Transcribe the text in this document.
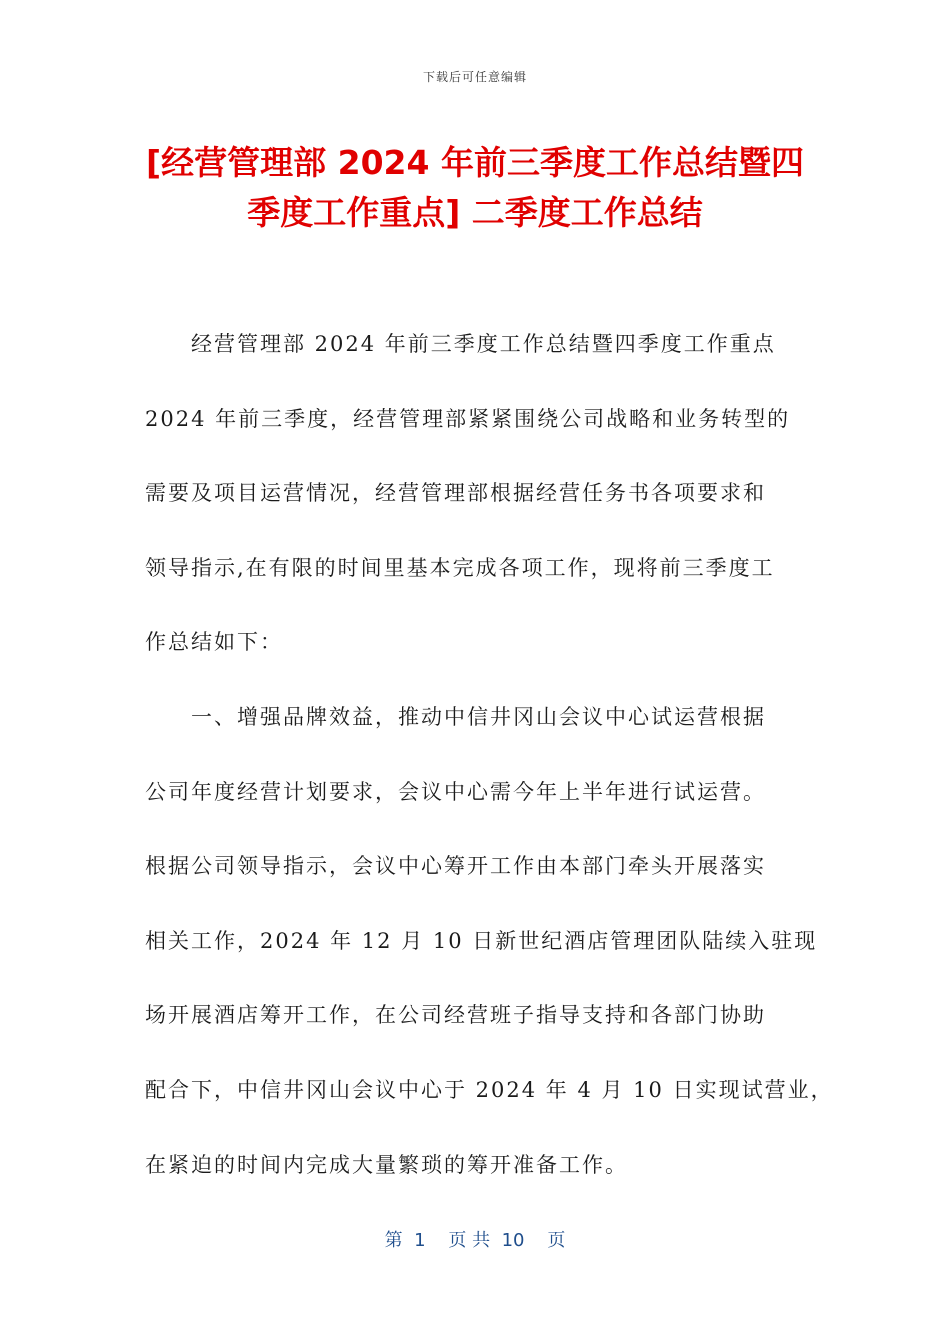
下载后可任意编辑
[经营管理部 2024 年前三季度工作总结暨四
季度工作重点] 二季度工作总结
经营管理部 2024 年前三季度工作总结暨四季度工作重点
2024 年前三季度，经营管理部紧紧围绕公司战略和业务转型的
需要及项目运营情况，经营管理部根据经营任务书各项要求和
领导指示,在有限的时间里基本完成各项工作，现将前三季度工
作总结如下：
一、增强品牌效益，推动中信井冈山会议中心试运营根据
公司年度经营计划要求，会议中心需今年上半年进行试运营。
根据公司领导指示，会议中心筹开工作由本部门牵头开展落实
相关工作，2024 年 12 月 10 日新世纪酒店管理团队陆续入驻现
场开展酒店筹开工作，在公司经营班子指导支持和各部门协助
配合下，中信井冈山会议中心于 2024 年 4 月 10 日实现试营业，
在紧迫的时间内完成大量繁琐的筹开准备工作。
第  1    页 共  10    页
